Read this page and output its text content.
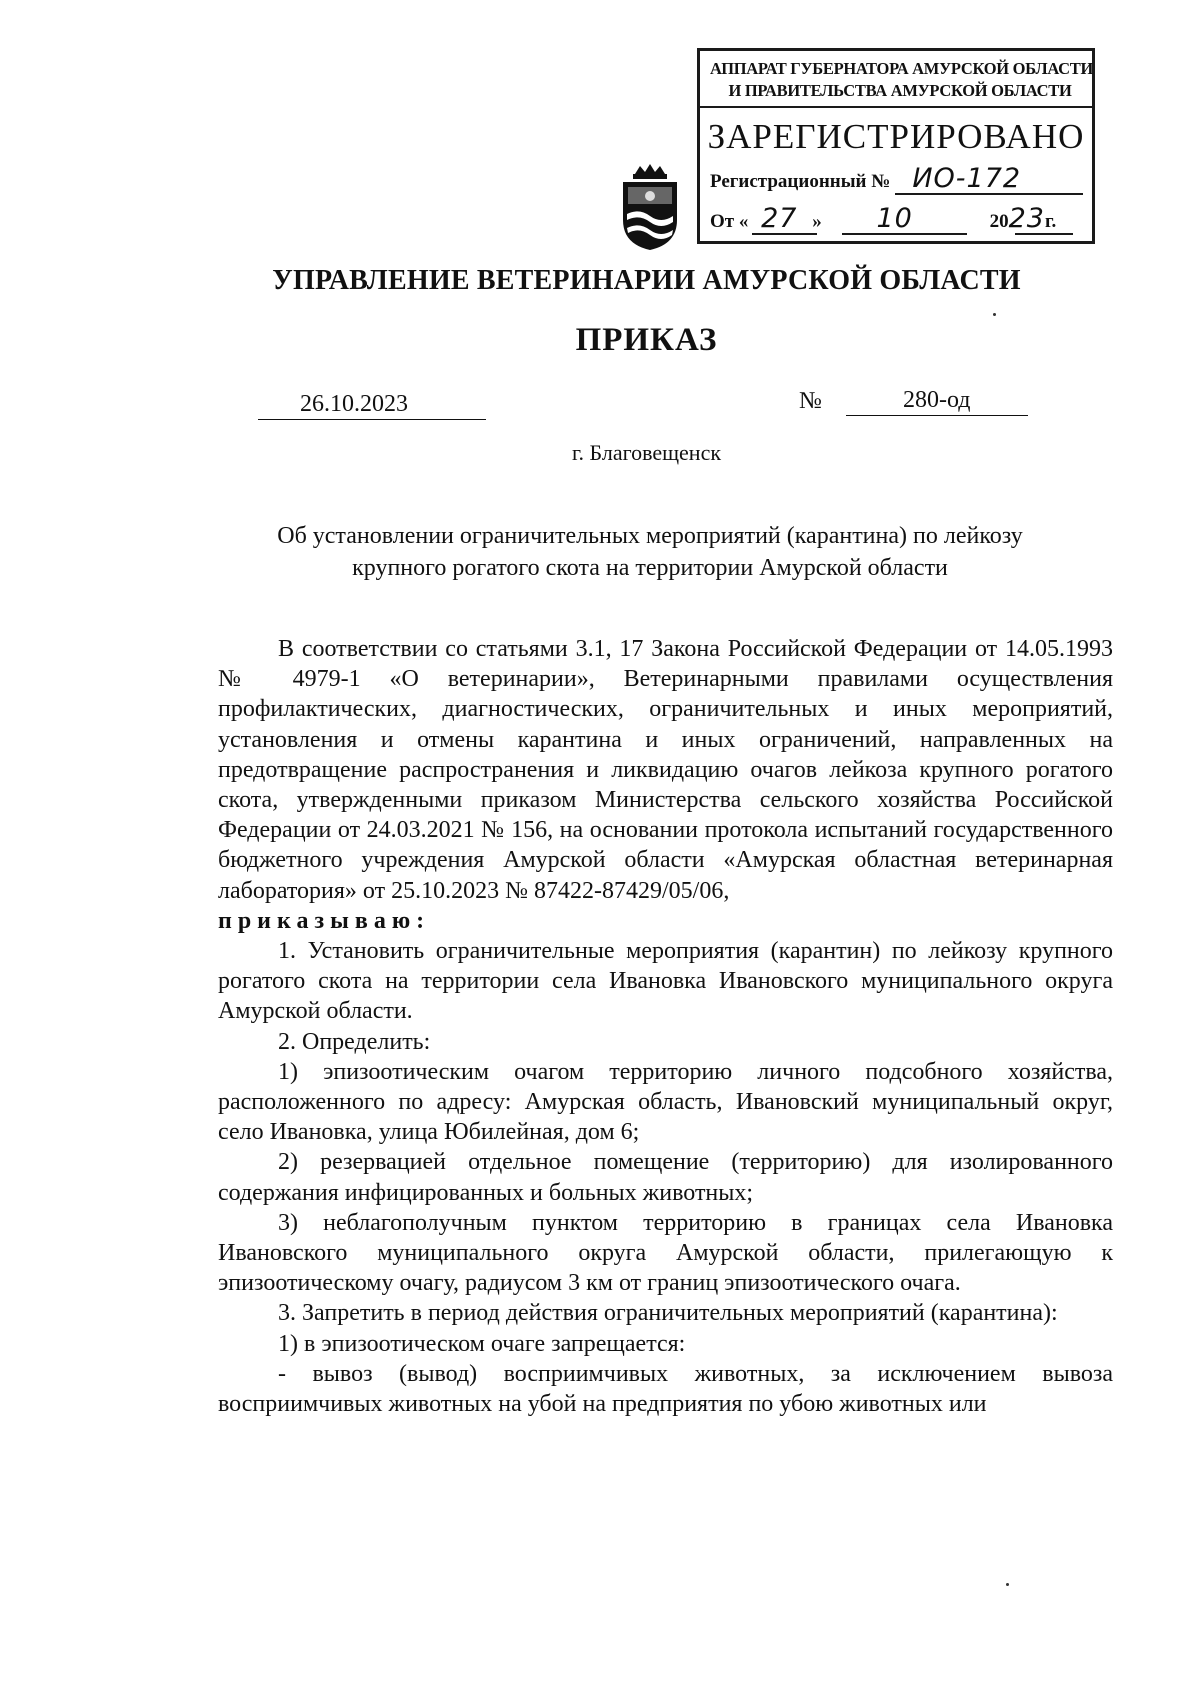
АППАРАТ ГУБЕРНАТОРА АМУРСКОЙ ОБЛАСТИ
И ПРАВИТЕЛЬСТВА АМУРСКОЙ ОБЛАСТИ
ЗАРЕГИСТРИРОВАНО
Регистрационный № ИО-172
От « 27 » 10	2023г.
УПРАВЛЕНИЕ ВЕТЕРИНАРИИ АМУРСКОЙ ОБЛАСТИ
ПРИКАЗ
26.10.2023	№	280-од
г. Благовещенск
Об установлении ограничительных мероприятий (карантина) по лейкозу
крупного рогатого скота на территории Амурской области

В соответствии со статьями 3.1, 17 Закона Российской Федерации от 14.05.1993 № 4979-1 «О ветеринарии», Ветеринарными правилами осуществления профилактических, диагностических, ограничительных и иных мероприятий, установления и отмены карантина и иных ограничений, направленных на предотвращение распространения и ликвидацию очагов лейкоза крупного рогатого скота, утвержденными приказом Министерства сельского хозяйства Российской Федерации от 24.03.2021 № 156, на основании протокола испытаний государственного бюджетного учреждения Амурской области «Амурская областная ветеринарная лаборатория» от 25.10.2023 № 87422-87429/05/06,

приказываю:

1. Установить ограничительные мероприятия (карантин) по лейкозу крупного рогатого скота на территории села Ивановка Ивановского муниципального округа Амурской области.

2. Определить:

1) эпизоотическим очагом территорию личного подсобного хозяйства, расположенного по адресу: Амурская область, Ивановский муниципальный округ, село Ивановка, улица Юбилейная, дом 6;

2) резервацией отдельное помещение (территорию) для изолированного содержания инфицированных и больных животных;

3) неблагополучным пунктом территорию в границах села Ивановка Ивановского муниципального округа Амурской области, прилегающую к эпизоотическому очагу, радиусом 3 км от границ эпизоотического очага.

3. Запретить в период действия ограничительных мероприятий (карантина):

1) в эпизоотическом очаге запрещается:

- вывоз (вывод) восприимчивых животных, за исключением вывоза восприимчивых животных на убой на предприятия по убою животных или
